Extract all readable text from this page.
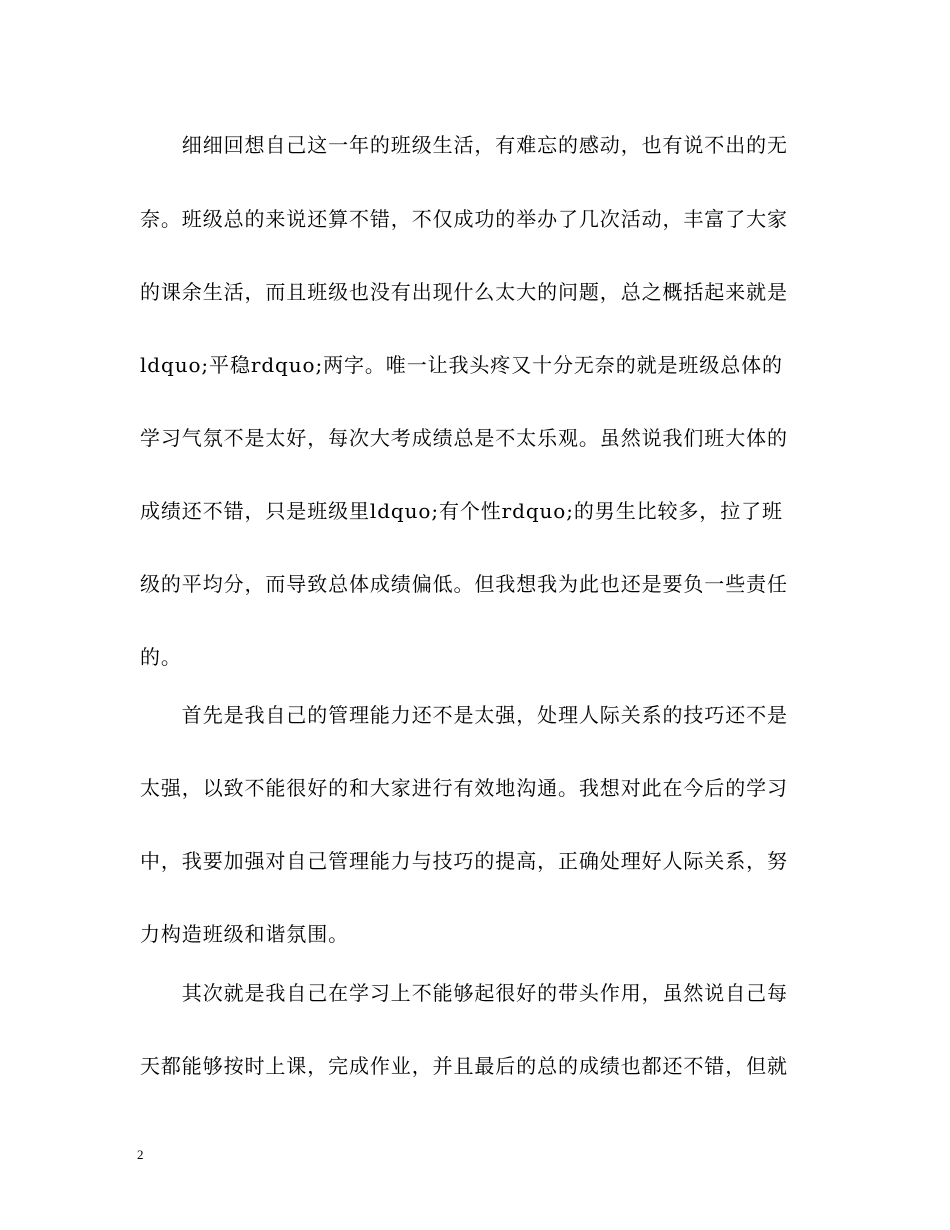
　　细细回想自己这一年的班级生活，有难忘的感动，也有说不出的无
奈。班级总的来说还算不错，不仅成功的举办了几次活动，丰富了大家
的课余生活，而且班级也没有出现什么太大的问题，总之概括起来就是
ldquo;平稳rdquo;两字。唯一让我头疼又十分无奈的就是班级总体的
学习气氛不是太好，每次大考成绩总是不太乐观。虽然说我们班大体的
成绩还不错，只是班级里ldquo;有个性rdquo;的男生比较多，拉了班
级的平均分，而导致总体成绩偏低。但我想我为此也还是要负一些责任
的。
　　首先是我自己的管理能力还不是太强，处理人际关系的技巧还不是
太强，以致不能很好的和大家进行有效地沟通。我想对此在今后的学习
中，我要加强对自己管理能力与技巧的提高，正确处理好人际关系，努
力构造班级和谐氛围。
　　其次就是我自己在学习上不能够起很好的带头作用，虽然说自己每
天都能够按时上课，完成作业，并且最后的总的成绩也都还不错，但就
2
